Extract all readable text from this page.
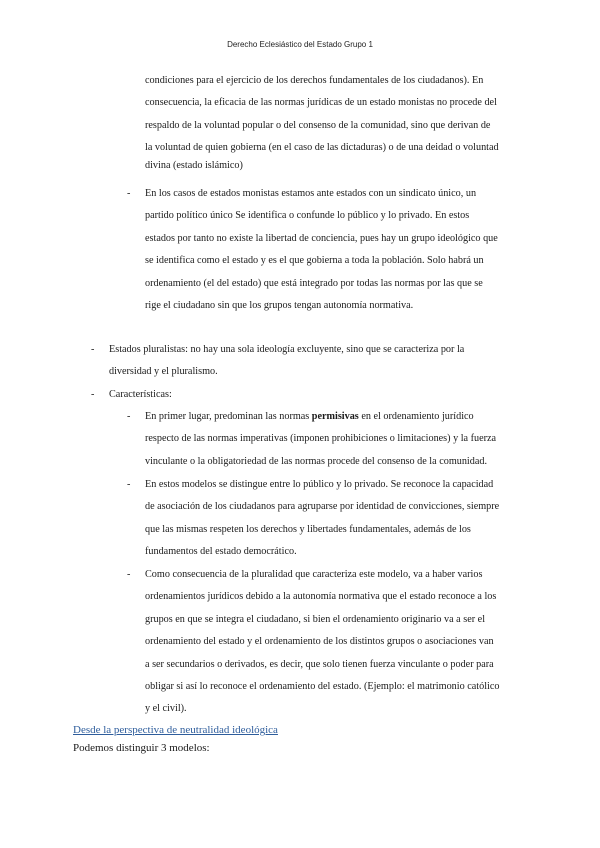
Derecho Eclesiástico del Estado Grupo 1
condiciones para el ejercicio de los derechos fundamentales de los ciudadanos). En
consecuencia, la eficacia de las normas jurídicas de un estado monistas no procede del
respaldo de la voluntad popular o del consenso de la comunidad, sino que derivan de
la voluntad de quien gobierna (en el caso de las dictaduras) o de una deidad o voluntad
divina (estado islámico)
- En los casos de estados monistas estamos ante estados con un sindicato único, un
partido político único Se identifica o confunde lo público y lo privado. En estos
estados por tanto no existe la libertad de conciencia, pues hay un grupo ideológico que
se identifica como el estado y es el que gobierna a toda la población. Solo habrá un
ordenamiento (el del estado) que está integrado por todas las normas por las que se
rige el ciudadano sin que los grupos tengan autonomía normativa.
- Estados pluralistas: no hay una sola ideología excluyente, sino que se caracteriza por la
diversidad y el pluralismo.
- Características:
- En primer lugar, predominan las normas permisivas en el ordenamiento jurídico
respecto de las normas imperativas (imponen prohibiciones o limitaciones) y la fuerza
vinculante o la obligatoriedad de las normas procede del consenso de la comunidad.
- En estos modelos se distingue entre lo público y lo privado. Se reconoce la capacidad
de asociación de los ciudadanos para agruparse por identidad de convicciones, siempre
que las mismas respeten los derechos y libertades fundamentales, además de los
fundamentos del estado democrático.
- Como consecuencia de la pluralidad que caracteriza este modelo, va a haber varios
ordenamientos jurídicos debido a la autonomía normativa que el estado reconoce a los
grupos en que se integra el ciudadano, si bien el ordenamiento originario va a ser el
ordenamiento del estado y el ordenamiento de los distintos grupos o asociaciones van
a ser secundarios o derivados, es decir, que solo tienen fuerza vinculante o poder para
obligar si así lo reconoce el ordenamiento del estado. (Ejemplo: el matrimonio católico
y el civil).
Desde la perspectiva de neutralidad ideológica
Podemos distinguir 3 modelos:
